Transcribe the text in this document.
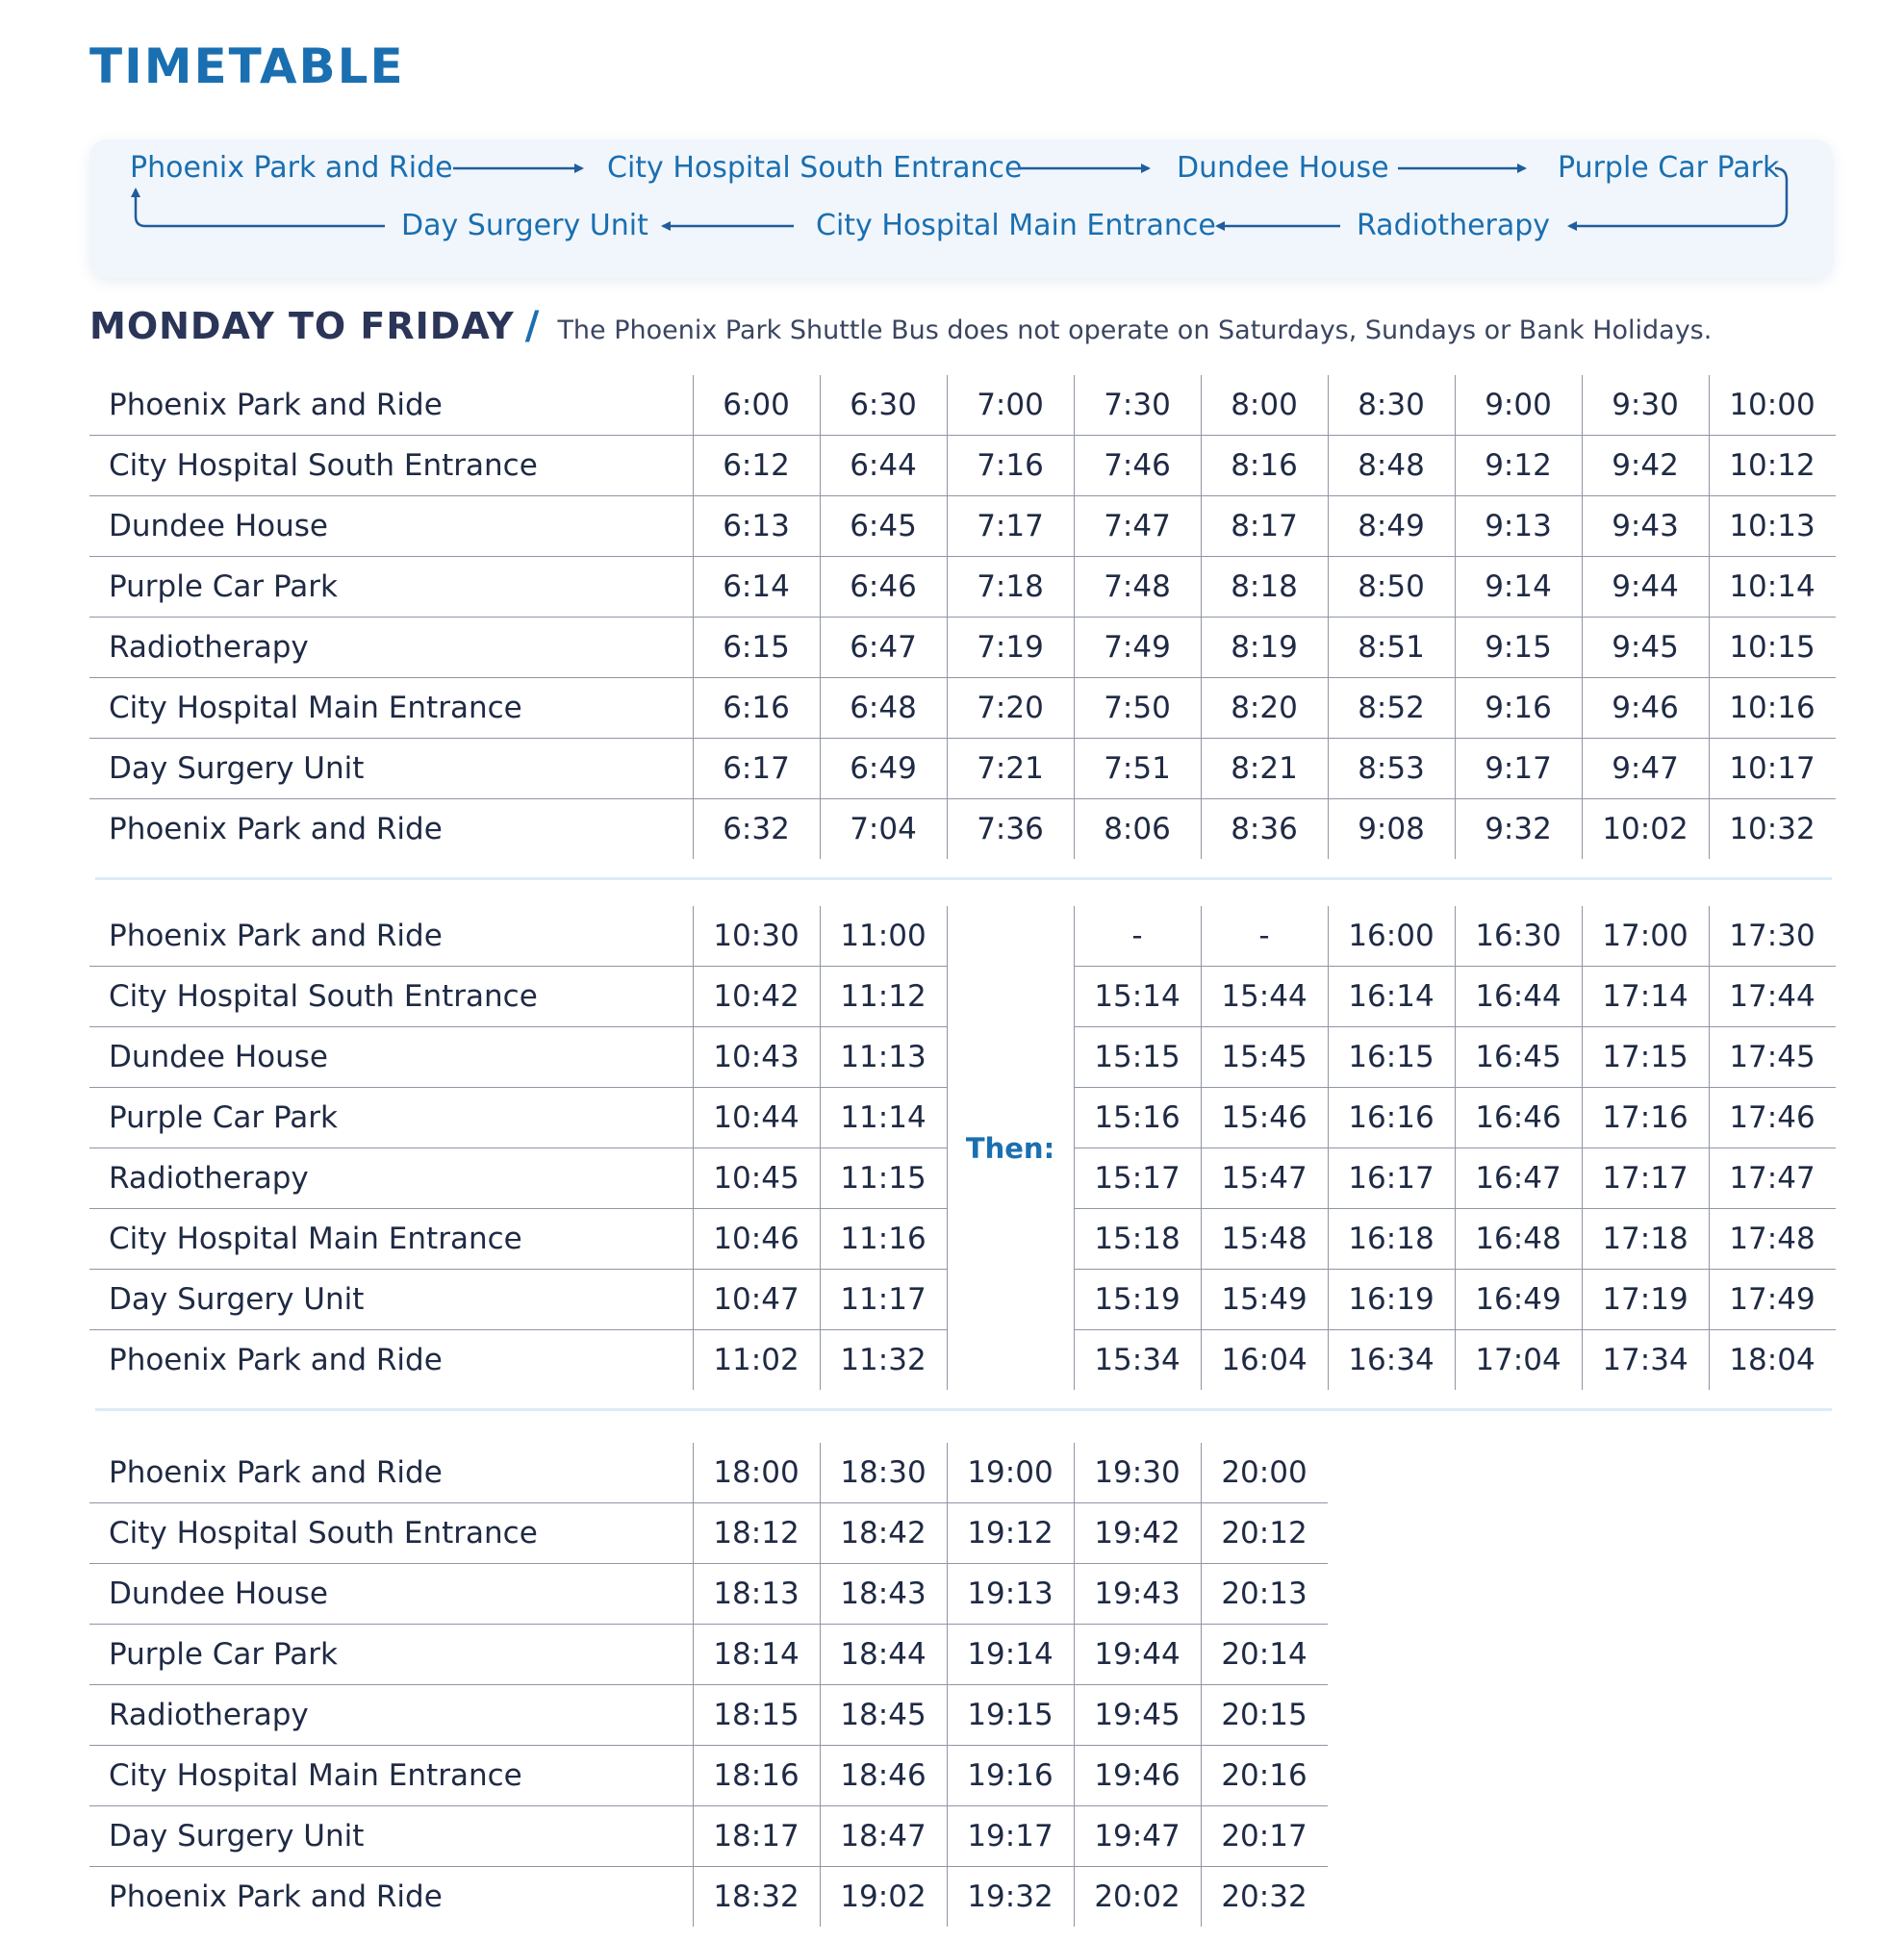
TIMETABLE
Phoenix Park and Ride	City Hospital South Entrance	Dundee House	Purple Car Park
Radiotherapy
City Hospital Main Entrance
Day Surgery Unit
MONDAY TO FRIDAY / The Phoenix Park Shuttle Bus does not operate on Saturdays, Sundays or Bank Holidays.
Phoenix Park and Ride	6:00	6:30	7:00	7:30	8:00	8:30	9:00	9:30	10:00
City Hospital South Entrance	6:12	6:44	7:16	7:46	8:16	8:48	9:12	9:42	10:12
Dundee House	6:13	6:45	7:17	7:47	8:17	8:49	9:13	9:43	10:13
Purple Car Park	6:14	6:46	7:18	7:48	8:18	8:50	9:14	9:44	10:14
Radiotherapy	6:15	6:47	7:19	7:49	8:19	8:51	9:15	9:45	10:15
City Hospital Main Entrance	6:16	6:48	7:20	7:50	8:20	8:52	9:16	9:46	10:16
Day Surgery Unit	6:17	6:49	7:21	7:51	8:21	8:53	9:17	9:47	10:17
Phoenix Park and Ride	6:32	7:04	7:36	8:06	8:36	9:08	9:32	10:02	10:32
Phoenix Park and Ride	10:30	11:00	Then:	-	-	16:00	16:30	17:00	17:30
City Hospital South Entrance	10:42	11:12		15:14	15:44	16:14	16:44	17:14	17:44
Dundee House	10:43	11:13		15:15	15:45	16:15	16:45	17:15	17:45
Purple Car Park	10:44	11:14		15:16	15:46	16:16	16:46	17:16	17:46
Radiotherapy	10:45	11:15		15:17	15:47	16:17	16:47	17:17	17:47
City Hospital Main Entrance	10:46	11:16		15:18	15:48	16:18	16:48	17:18	17:48
Day Surgery Unit	10:47	11:17		15:19	15:49	16:19	16:49	17:19	17:49
Phoenix Park and Ride	11:02	11:32		15:34	16:04	16:34	17:04	17:34	18:04
Phoenix Park and Ride	18:00	18:30	19:00	19:30	20:00
City Hospital South Entrance	18:12	18:42	19:12	19:42	20:12
Dundee House	18:13	18:43	19:13	19:43	20:13
Purple Car Park	18:14	18:44	19:14	19:44	20:14
Radiotherapy	18:15	18:45	19:15	19:45	20:15
City Hospital Main Entrance	18:16	18:46	19:16	19:46	20:16
Day Surgery Unit	18:17	18:47	19:17	19:47	20:17
Phoenix Park and Ride	18:32	19:02	19:32	20:02	20:32
